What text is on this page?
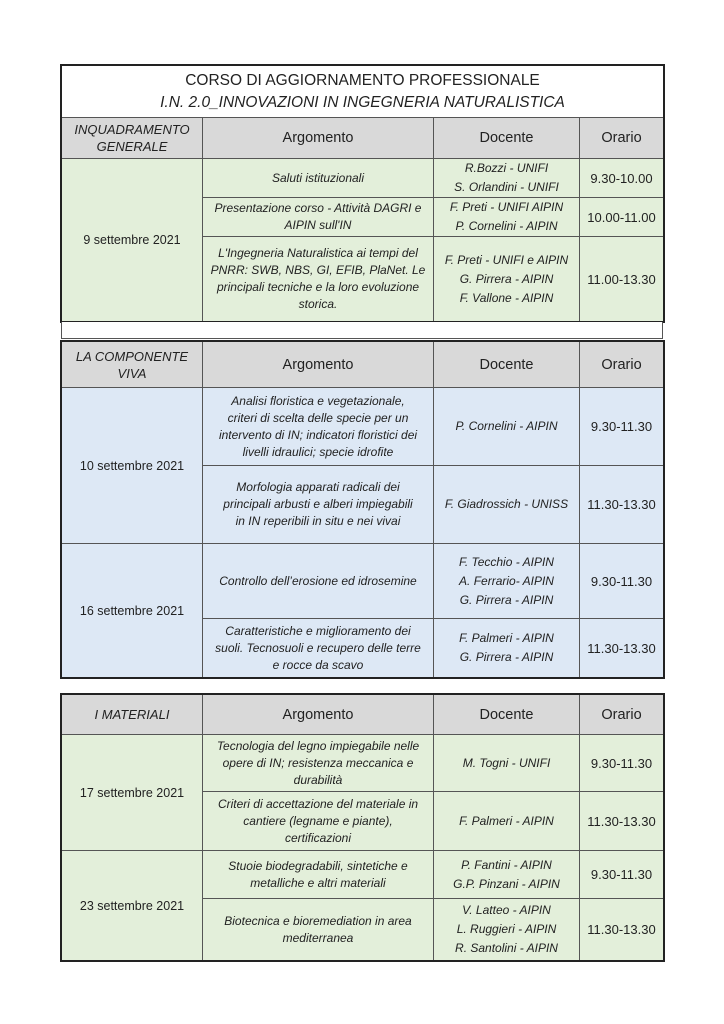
CORSO DI AGGIORNAMENTO PROFESSIONALE
I.N. 2.0_INNOVAZIONI IN INGEGNERIA NATURALISTICA			

INQUADRAMENTO
GENERALE	Argomento	Docente	Orario
9 settembre 2021	Saluti istituzionali	R.Bozzi - UNIFI
S. Orlandini - UNIFI	9.30-10.00

	Presentazione corso - Attività DAGRI e
AIPIN sull'IN	F. Preti - UNIFI AIPIN
P. Cornelini - AIPIN	10.00-11.00

	L'Ingegneria Naturalistica ai tempi del
PNRR: SWB, NBS, GI, EFIB, PlaNet. Le
principali tecniche e la loro evoluzione
storica.	F. Preti - UNIFI e AIPIN
G. Pirrera - AIPIN
F. Vallone - AIPIN	11.00-13.30
LA COMPONENTE
VIVA	Argomento	Docente	Orario
10 settembre 2021	Analisi floristica e vegetazionale,
criteri di scelta delle specie per un
intervento di IN; indicatori floristici dei
livelli idraulici; specie idrofite	P. Cornelini - AIPIN	9.30-11.30

	Morfologia apparati radicali dei
principali arbusti e alberi impiegabili
in IN reperibili in situ e nei vivai	F. Giadrossich - UNISS	11.30-13.30
16 settembre 2021	Controllo dell’erosione ed idrosemine	F. Tecchio - AIPIN
A. Ferrario- AIPIN
G. Pirrera - AIPIN	9.30-11.30

	Caratteristiche e miglioramento dei
suoli. Tecnosuoli e recupero delle terre
e rocce da scavo	F. Palmeri - AIPIN
G. Pirrera - AIPIN	11.30-13.30
I MATERIALI	Argomento	Docente	Orario
17 settembre 2021	Tecnologia del legno impiegabile nelle
opere di IN; resistenza meccanica e
durabilità	M. Togni - UNIFI	9.30-11.30

	Criteri di accettazione del materiale in
cantiere (legname e piante),
certificazioni	F. Palmeri - AIPIN	11.30-13.30
23 settembre 2021	Stuoie biodegradabili, sintetiche e
metalliche e altri materiali	P. Fantini - AIPIN
G.P. Pinzani - AIPIN	9.30-11.30

	Biotecnica e bioremediation in area
mediterranea	V. Latteo - AIPIN
L. Ruggieri - AIPIN
R. Santolini - AIPIN	11.30-13.30
